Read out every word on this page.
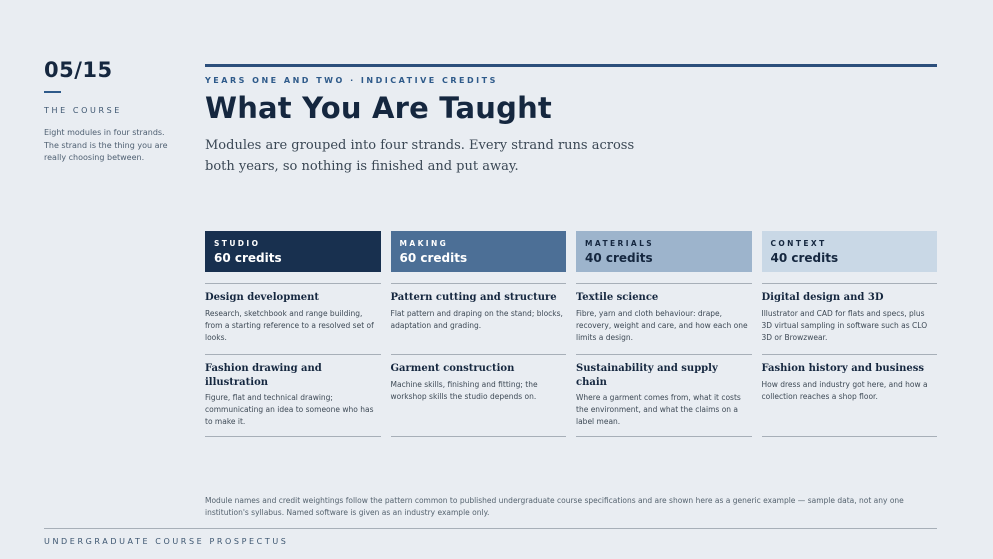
05/15
THE COURSE
Eight modules in four strands. The strand is the thing you are really choosing between.
YEARS ONE AND TWO · INDICATIVE CREDITS
What You Are Taught

Modules are grouped into four strands. Every strand runs across both years, so nothing is finished and put away.

STUDIO
60 credits
Design development
Research, sketchbook and range building, from a starting reference to a resolved set of looks.
Fashion drawing and illustration
Figure, flat and technical drawing; communicating an idea to someone who has to make it.
MAKING
60 credits
Pattern cutting and structure
Flat pattern and draping on the stand; blocks, adaptation and grading.
Garment construction
Machine skills, finishing and fitting; the workshop skills the studio depends on.
MATERIALS
40 credits
Textile science
Fibre, yarn and cloth behaviour: drape, recovery, weight and care, and how each one limits a design.
Sustainability and supply chain
Where a garment comes from, what it costs the environment, and what the claims on a label mean.
CONTEXT
40 credits
Digital design and 3D
Illustrator and CAD for flats and specs, plus 3D virtual sampling in software such as CLO 3D or Browzwear.
Fashion history and business
How dress and industry got here, and how a collection reaches a shop floor.
Module names and credit weightings follow the pattern common to published undergraduate course specifications and are shown here as a generic example — sample data, not any one institution's syllabus. Named software is given as an industry example only.
UNDERGRADUATE COURSE PROSPECTUS
